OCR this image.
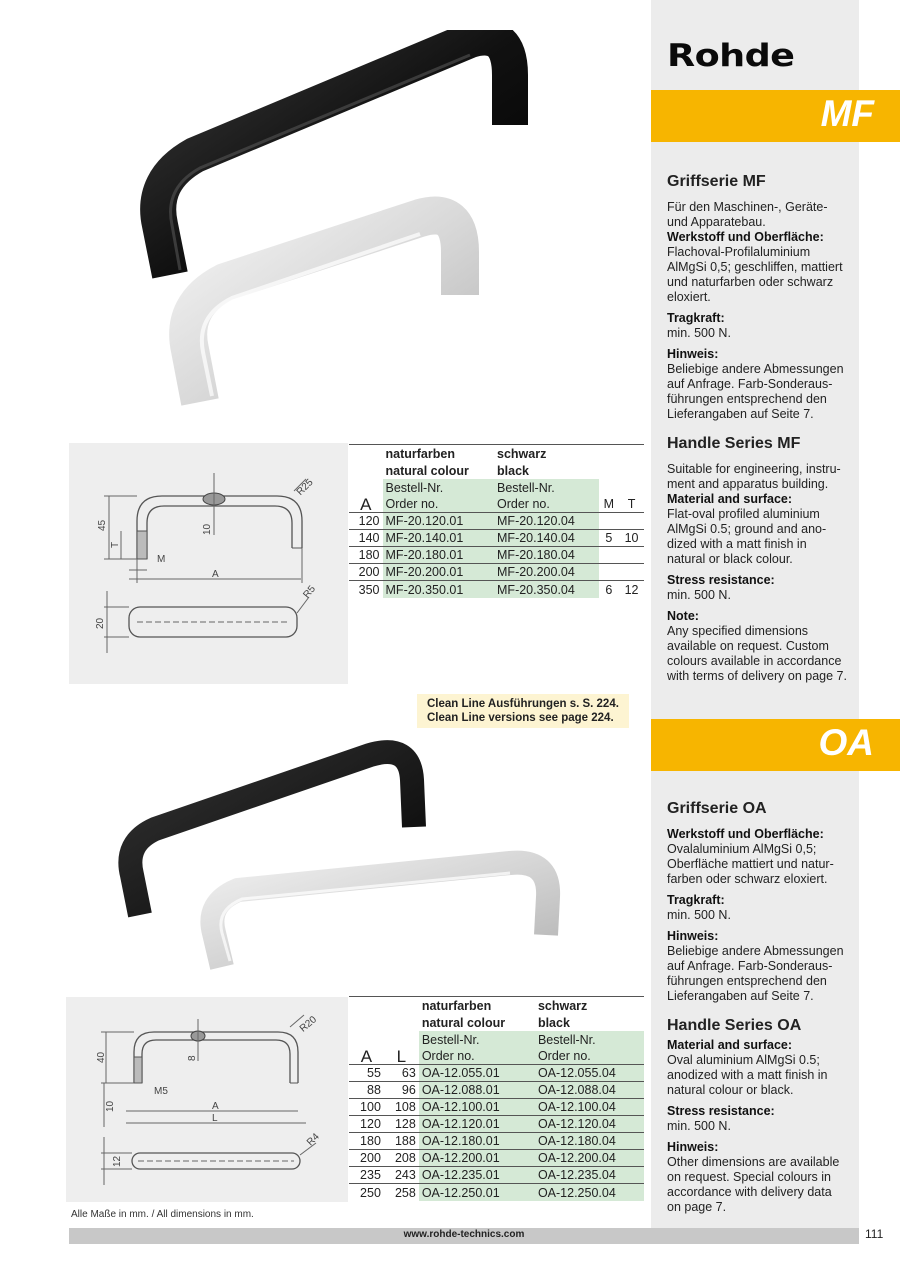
Rohde
MF
Griffserie MF
Für den Maschinen-, Geräte-
und Apparatebau.
Werkstoff und Oberfläche:
Flachoval-Profilaluminium
AlMgSi 0,5; geschliffen, mattiert
und naturfarben oder schwarz
eloxiert.
Tragkraft:
min. 500 N.
Hinweis:
Beliebige andere Abmessungen
auf Anfrage. Farb-Sonderaus-
führungen entsprechend den
Lieferangaben auf Seite 7.
Handle Series MF
Suitable for engineering, instru-
ment and apparatus building.
Material and surface:
Flat-oval profiled aluminium
AlMgSi 0.5; ground and ano-
dized with a matt finish in
natural or black colour.
Stress resistance:
min. 500 N.
Note:
Any specified dimensions
available on request. Custom
colours available in accordance
with terms of delivery on page 7.
OA
Griffserie OA
Werkstoff und Oberfläche:
Ovalaluminium AlMgSi 0,5;
Oberfläche mattiert und natur-
farben oder schwarz eloxiert.
Tragkraft:
min. 500 N.
Hinweis:
Beliebige andere Abmessungen
auf Anfrage. Farb-Sonderaus-
führungen entsprechend den
Lieferangaben auf Seite 7.
Handle Series OA
Material and surface:
Oval aluminium AlMgSi 0.5;
anodized with a matt finish in
natural colour or black.
Stress resistance:
min. 500 N.
Hinweis:
Other dimensions are available
on request. Special colours in
accordance with delivery data
on page 7.
R25
45
T
10
M
A
R5
20
	naturfarben	schwarz		
	natural colour	black		
	Bestell-Nr.	Bestell-Nr.		
A	Order no.	Order no.	M	T
120	MF-20.120.01	MF-20.120.04		
140	MF-20.140.01	MF-20.140.04	5	10
180	MF-20.180.01	MF-20.180.04		
200	MF-20.200.01	MF-20.200.04		
350	MF-20.350.01	MF-20.350.04	6	12
Clean Line Ausführungen s. S. 224.
Clean Line versions see page 224.
R20
40	8
M5
10	A
L
R4
12
		naturfarben	schwarz
		natural colour	black
		Bestell-Nr.	Bestell-Nr.
A	L	Order no.	Order no.
55	63	OA-12.055.01	OA-12.055.04
88	96	OA-12.088.01	OA-12.088.04
100	108	OA-12.100.01	OA-12.100.04
120	128	OA-12.120.01	OA-12.120.04
180	188	OA-12.180.01	OA-12.180.04
200	208	OA-12.200.01	OA-12.200.04
235	243	OA-12.235.01	OA-12.235.04
250	258	OA-12.250.01	OA-12.250.04
Alle Maße in mm. / All dimensions in mm.
www.rohde-technics.com	111
